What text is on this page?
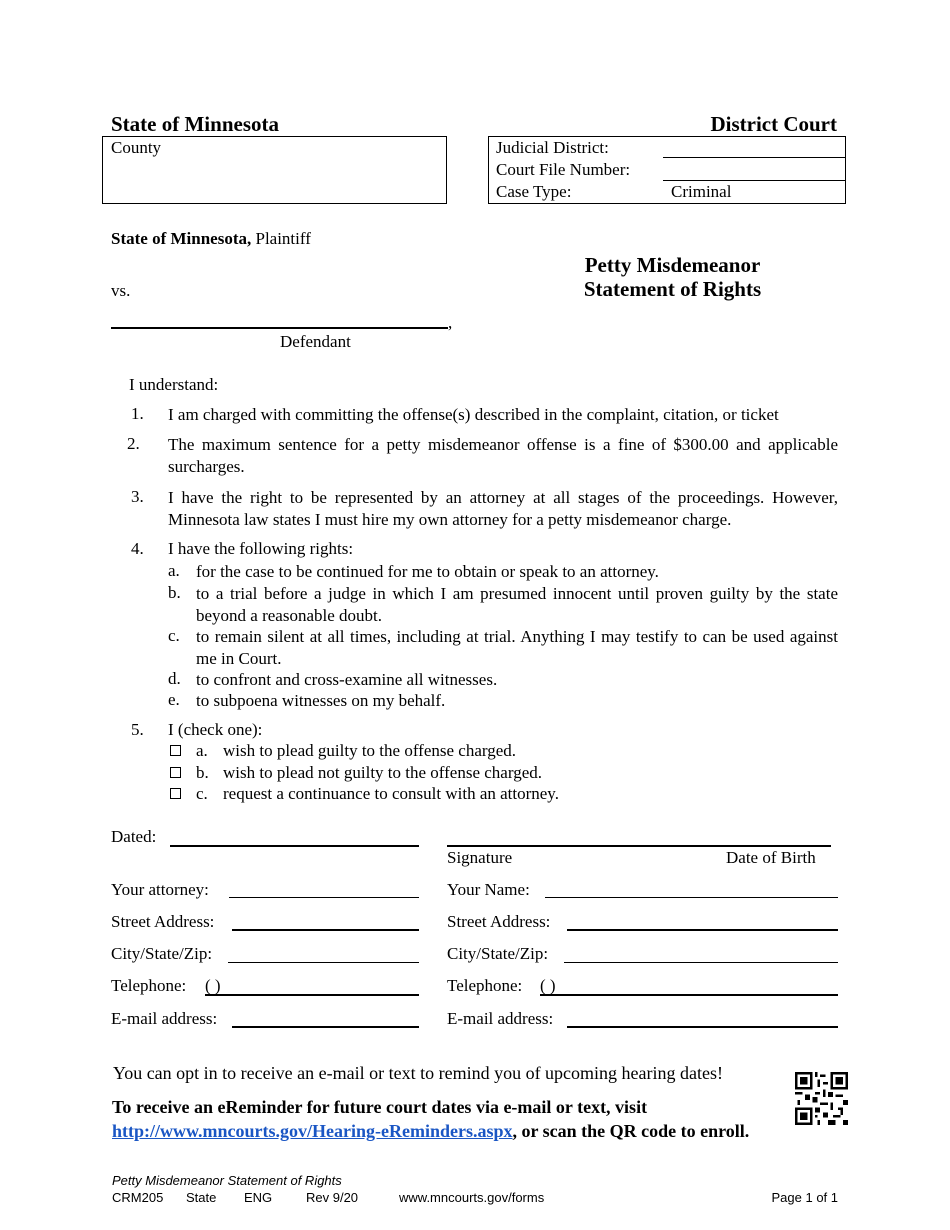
State of Minnesota	District Court
County	Judicial District:
Court File Number:
Case Type:	Criminal
State of Minnesota, Plaintiff
vs.
,
Defendant
Petty Misdemeanor
Statement of Rights
I understand:
1. I am charged with committing the offense(s) described in the complaint, citation, or ticket
2. The maximum sentence for a petty misdemeanor offense is a fine of $300.00 and applicable surcharges.
3. I have the right to be represented by an attorney at all stages of the proceedings. However, Minnesota law states I must hire my own attorney for a petty misdemeanor charge.
4. I have the following rights:
a. for the case to be continued for me to obtain or speak to an attorney.
b. to a trial before a judge in which I am presumed innocent until proven guilty by the state beyond a reasonable doubt.
c. to remain silent at all times, including at trial. Anything I may testify to can be used against me in Court.
d. to confront and cross-examine all witnesses.
e. to subpoena witnesses on my behalf.
5. I (check one):
a. wish to plead guilty to the offense charged.
b. wish to plead not guilty to the offense charged.
c. request a continuance to consult with an attorney.
Dated:
Signature	Date of Birth
Your attorney:	Your Name:
Street Address:	Street Address:
City/State/Zip:	City/State/Zip:
Telephone: ( )	Telephone: ( )
E-mail address:	E-mail address:
You can opt in to receive an e-mail or text to remind you of upcoming hearing dates!
To receive an eReminder for future court dates via e-mail or text, visit
http://www.mncourts.gov/Hearing-eReminders.aspx, or scan the QR code to enroll.
Petty Misdemeanor Statement of Rights
CRM205 State ENG	Rev 9/20	www.mncourts.gov/forms	Page 1 of 1
